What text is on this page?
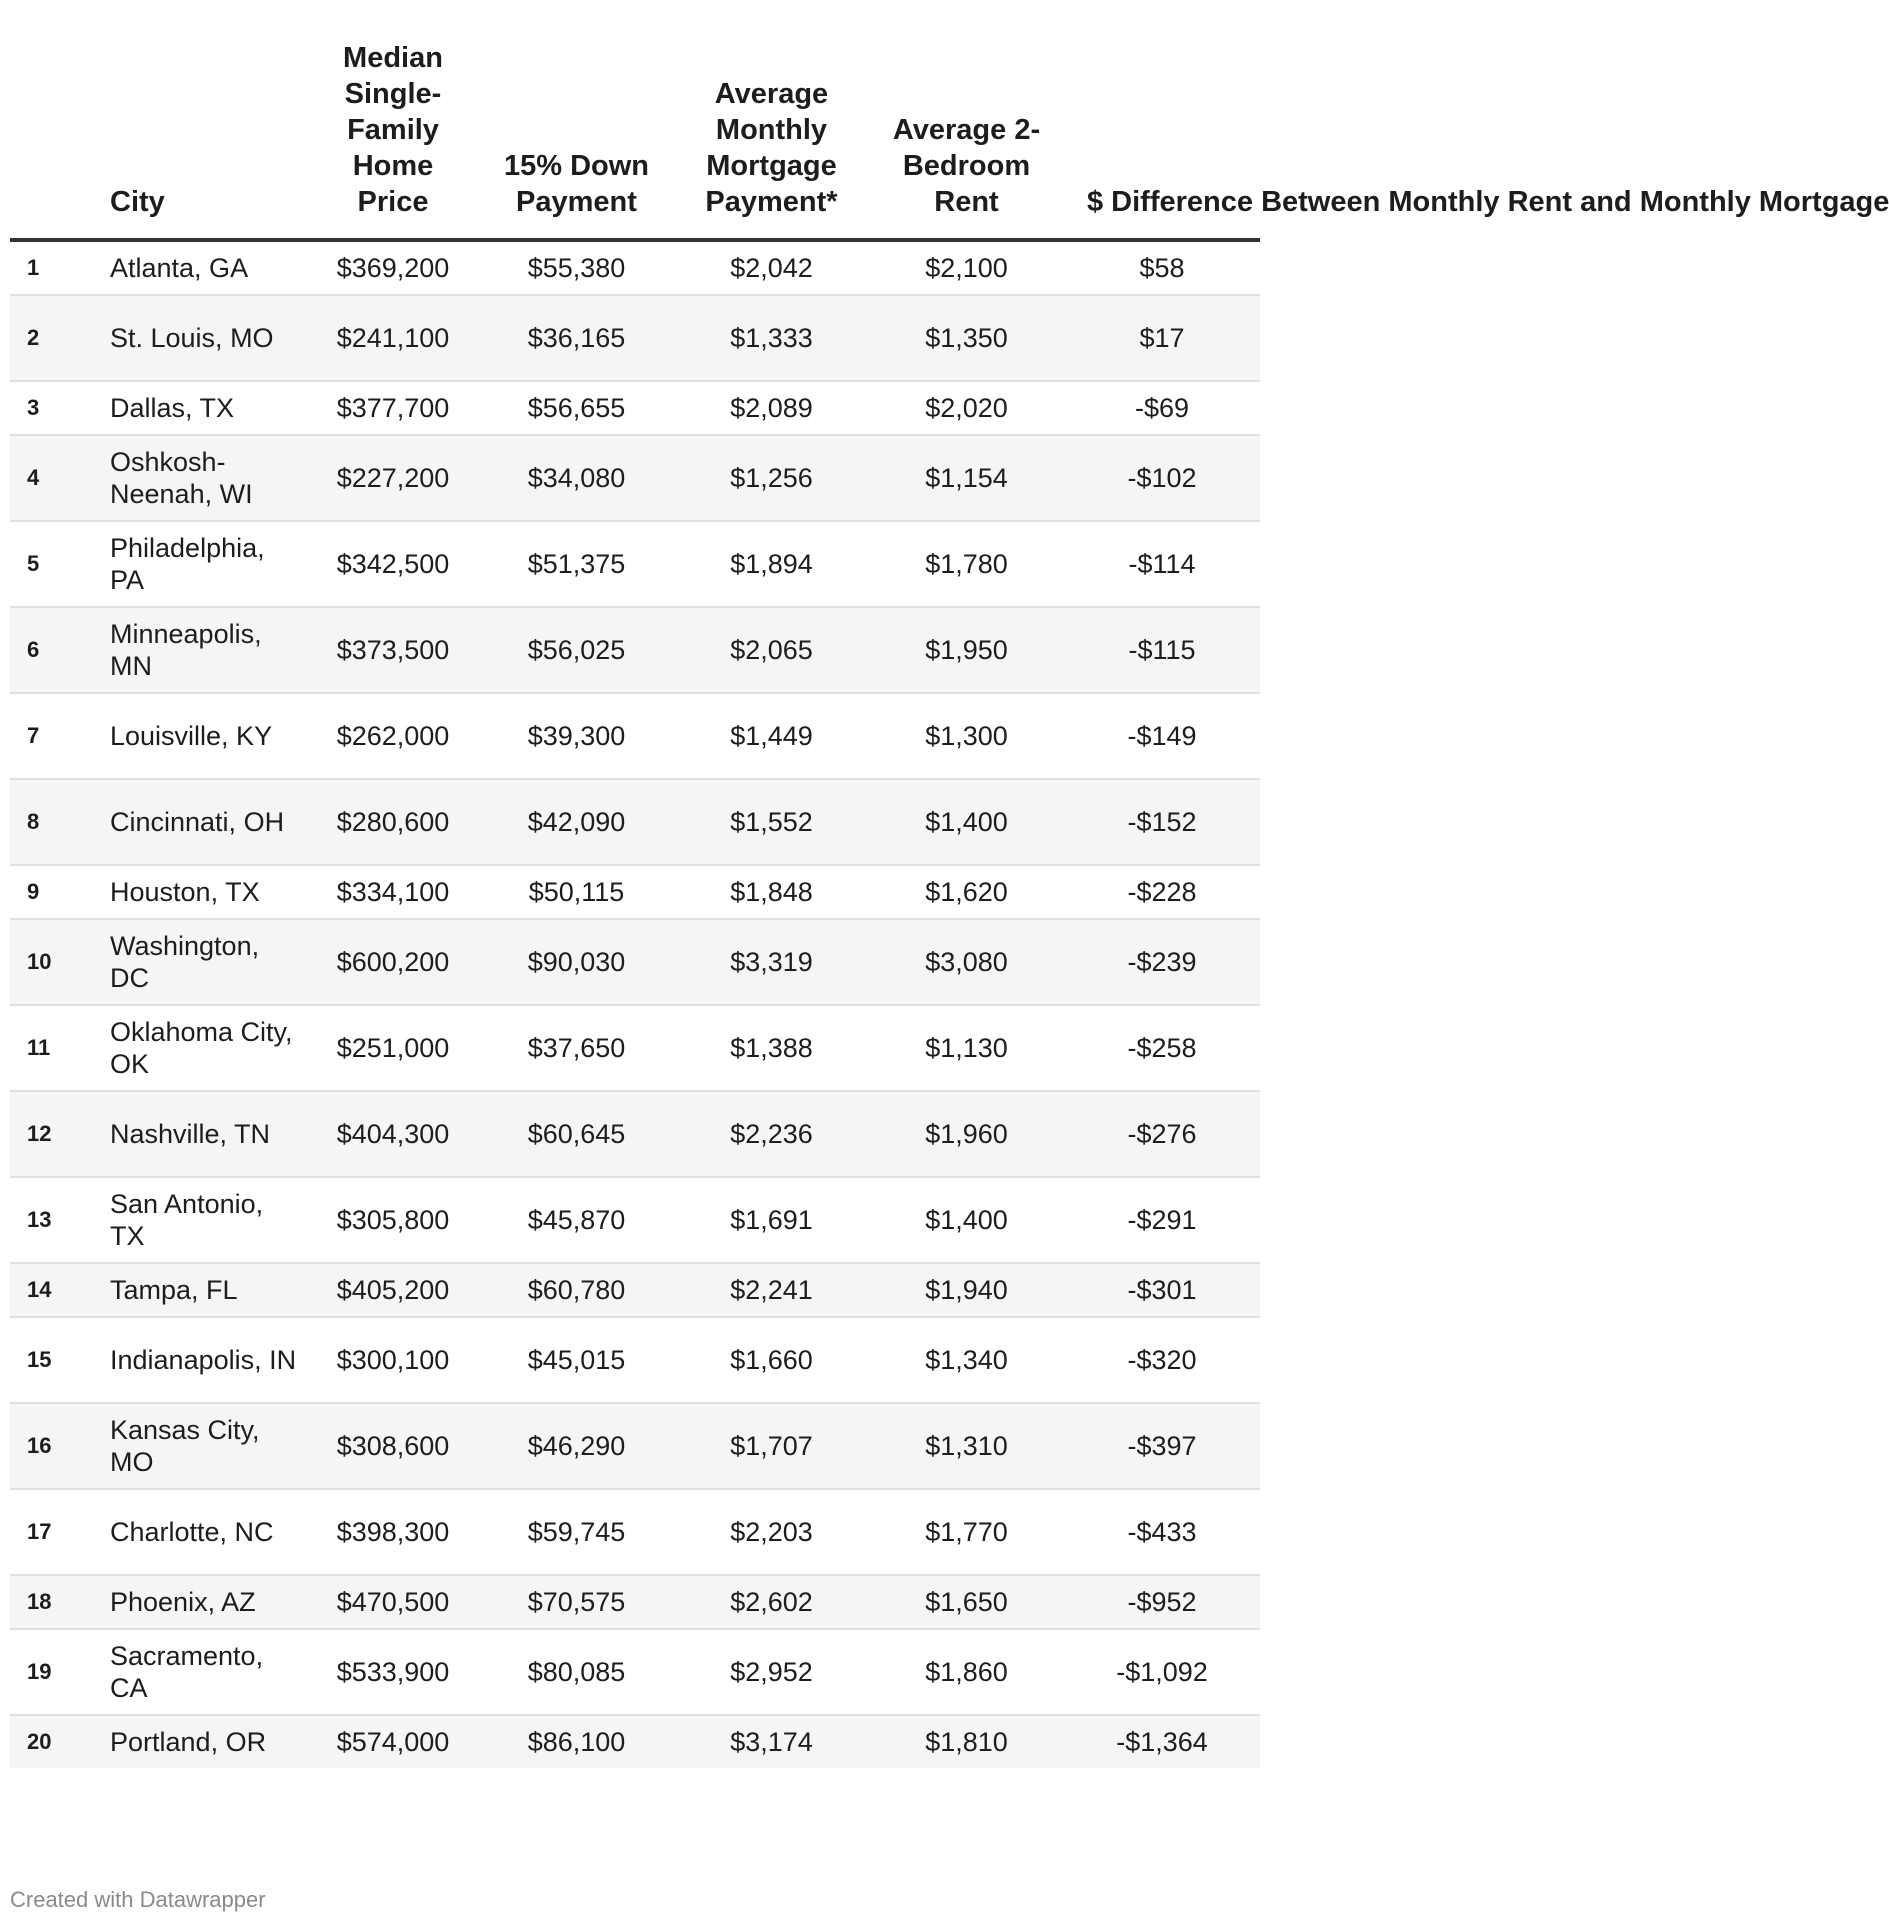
	City	Median Single-Family Home Price	15% Down Payment	Average Monthly Mortgage Payment*	Average 2-Bedroom Rent	$ Difference Between Monthly Rent and Monthly Mortgage

1	Atlanta, GA	$369,200	$55,380	$2,042	$2,100	$58
2	St. Louis, MO	$241,100	$36,165	$1,333	$1,350	$17
3	Dallas, TX	$377,700	$56,655	$2,089	$2,020	-$69
4	Oshkosh-Neenah, WI	$227,200	$34,080	$1,256	$1,154	-$102
5	Philadelphia, PA	$342,500	$51,375	$1,894	$1,780	-$114
6	Minneapolis, MN	$373,500	$56,025	$2,065	$1,950	-$115
7	Louisville, KY	$262,000	$39,300	$1,449	$1,300	-$149
8	Cincinnati, OH	$280,600	$42,090	$1,552	$1,400	-$152
9	Houston, TX	$334,100	$50,115	$1,848	$1,620	-$228
10	Washington, DC	$600,200	$90,030	$3,319	$3,080	-$239
11	Oklahoma City, OK	$251,000	$37,650	$1,388	$1,130	-$258
12	Nashville, TN	$404,300	$60,645	$2,236	$1,960	-$276
13	San Antonio, TX	$305,800	$45,870	$1,691	$1,400	-$291
14	Tampa, FL	$405,200	$60,780	$2,241	$1,940	-$301
15	Indianapolis, IN	$300,100	$45,015	$1,660	$1,340	-$320
16	Kansas City, MO	$308,600	$46,290	$1,707	$1,310	-$397
17	Charlotte, NC	$398,300	$59,745	$2,203	$1,770	-$433
18	Phoenix, AZ	$470,500	$70,575	$2,602	$1,650	-$952
19	Sacramento, CA	$533,900	$80,085	$2,952	$1,860	-$1,092
20	Portland, OR	$574,000	$86,100	$3,174	$1,810	-$1,364
Created with Datawrapper
